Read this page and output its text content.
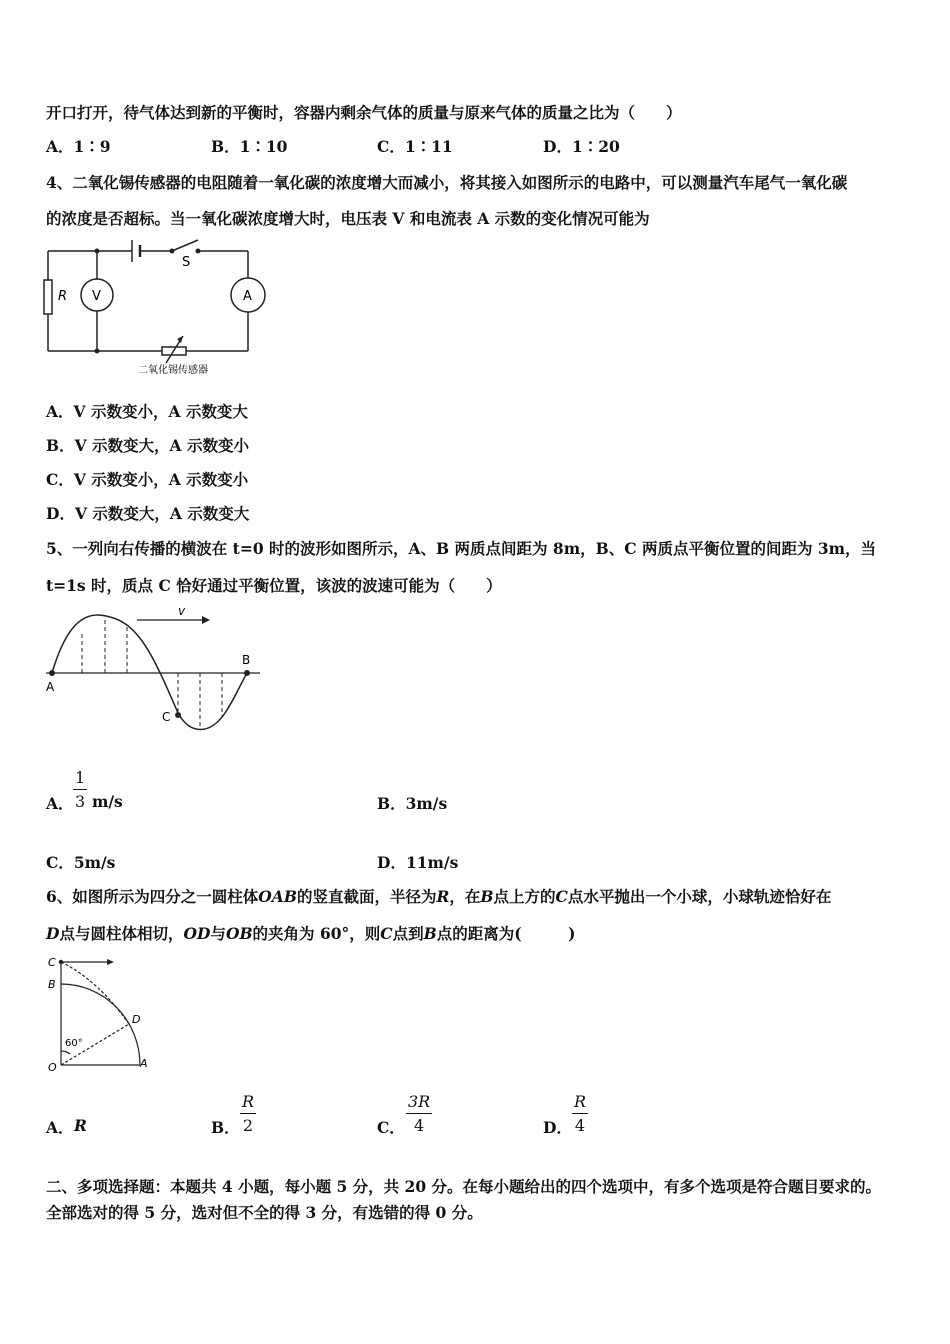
开口打开，待气体达到新的平衡时，容器内剩余气体的质量与原来气体的质量之比为（　　）
A．1∶9	B．1∶10	C．1∶11	D．1∶20
4、二氧化锡传感器的电阻随着一氧化碳的浓度增大而减小，将其接入如图所示的电路中，可以测量汽车尾气一氧化碳
的浓度是否超标。当一氧化碳浓度增大时，电压表 V 和电流表 A 示数的变化情况可能为
R V	A
S
二氧化锡传感器
A．V 示数变小，A 示数变大
B．V 示数变大，A 示数变小
C．V 示数变小，A 示数变小
D．V 示数变大，A 示数变大
5、一列向右传播的横波在 t=0 时的波形如图所示，A、B 两质点间距为 8m，B、C 两质点平衡位置的间距为 3m，当
t=1s 时，质点 C 恰好通过平衡位置，该波的波速可能为（　　）
v
A
B
C
A．
1
3 m/s	B．3m/s
C．5m/s	D．11m/s
6、如图所示为四分之一圆柱体OAB的竖直截面，半径为R，在B点上方的C点水平抛出一个小球，小球轨迹恰好在
D点与圆柱体相切，OD与OB的夹角为 60°，则C点到B点的距离为(　　　)
C
B
D
O	A
60°
A． R	B．
R
2	C．
3R
4	D．
R
4
二、多项选择题：本题共 4 小题，每小题 5 分，共 20 分。在每小题给出的四个选项中，有多个选项是符合题目要求的。
全部选对的得 5 分，选对但不全的得 3 分，有选错的得 0 分。
